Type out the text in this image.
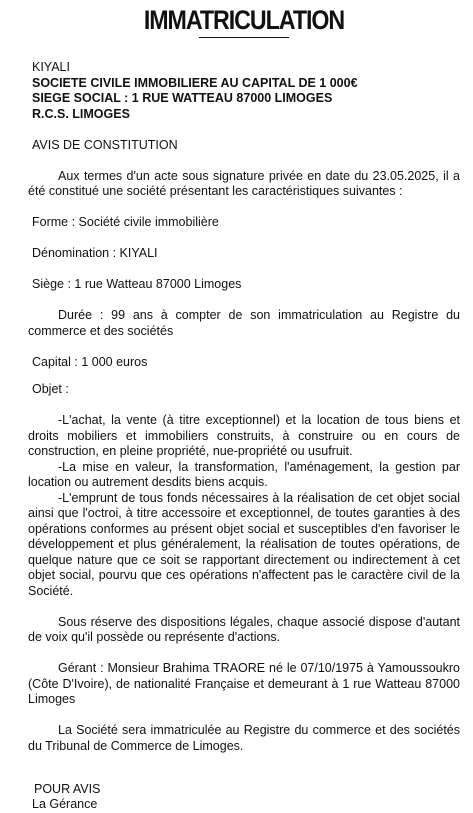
IMMATRICULATION
KIYALI
SOCIETE CIVILE IMMOBILIERE AU CAPITAL DE 1 000€
SIEGE SOCIAL : 1 RUE WATTEAU 87000 LIMOGES
R.C.S. LIMOGES

AVIS DE CONSTITUTION

Aux termes d'un acte sous signature privée en date du 23.05.2025, il a été constitué une société présentant les caractéristiques suivantes :

Forme : Société civile immobilière

Dénomination : KIYALI

Siège : 1 rue Watteau 87000 Limoges

Durée : 99 ans à compter de son immatriculation au Registre du commerce et des sociétés

Capital : 1 000 euros

Objet :

-L'achat, la vente (à titre exceptionnel) et la location de tous biens et droits mobiliers et immobiliers construits, à construire ou en cours de construction, en pleine propriété, nue-propriété ou usufruit.

-La mise en valeur, la transformation, l'aménagement, la gestion par location ou autrement desdits biens acquis.

-L'emprunt de tous fonds nécessaires à la réalisation de cet objet social ainsi que l'octroi, à titre accessoire et exceptionnel, de toutes garanties à des opérations conformes au présent objet social et susceptibles d'en favoriser le développement et plus généralement, la réalisation de toutes opérations, de quelque nature que ce soit se rapportant directement ou indirectement à cet objet social, pourvu que ces opérations n'affectent pas le caractère civil de la Société.

Sous réserve des dispositions légales, chaque associé dispose d'autant de voix qu'il possède ou représente d'actions.

Gérant : Monsieur Brahima TRAORE né le 07/10/1975 à Yamoussoukro (Côte D'Ivoire), de nationalité Française et demeurant à 1 rue Watteau 87000 Limoges

La Société sera immatriculée au Registre du commerce et des sociétés du Tribunal de Commerce de Limoges.

POUR AVIS

La Gérance
